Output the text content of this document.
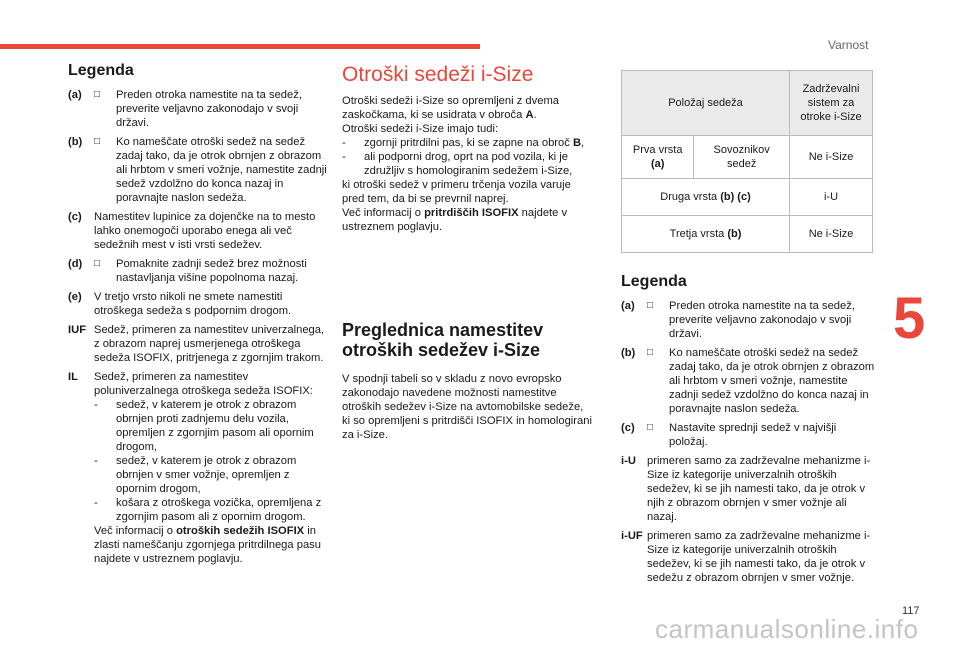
Varnost
5
117
carmanualsonline.info
Legenda
(a)	□	Preden otroka namestite na ta sedež, preverite veljavno zakonodajo v svoji državi.
(b)	□	Ko nameščate otroški sedež na sedež zadaj tako, da je otrok obrnjen z obrazom ali hrbtom v smeri vožnje, namestite zadnji sedež vzdolžno do konca nazaj in poravnajte naslon sedeža.
(c)	Namestitev lupinice za dojenčke na to mesto lahko onemogoči uporabo enega ali več sedežnih mest v isti vrsti sedežev.
(d)	□	Pomaknite zadnji sedež brez možnosti nastavljanja višine popolnoma nazaj.
(e)	V tretjo vrsto nikoli ne smete namestiti otroškega sedeža s podpornim drogom.
IUF Sedež, primeren za namestitev univerzalnega, z obrazom naprej usmerjenega otroškega sedeža ISOFIX, pritrjenega z zgornjim trakom.
IL	Sedež, primeren za namestitev poluniverzalnega otroškega sedeža ISOFIX:
-	sedež, v katerem je otrok z obrazom obrnjen proti zadnjemu delu vozila, opremljen z zgornjim pasom ali opornim drogom,
-	sedež, v katerem je otrok z obrazom obrnjen v smer vožnje, opremljen z opornim drogom,
-	košara z otroškega vozička, opremljena z zgornjim pasom ali z opornim drogom.
Več informacij o otroških sedežih ISOFIX in zlasti nameščanju zgornjega pritrdilnega pasu najdete v ustreznem poglavju.
Otroški sedeži i-Size

Otroški sedeži i-Size so opremljeni z dvema zaskočkama, ki se usidrata v obroča A.

Otroški sedeži i-Size imajo tudi:

-	zgornji pritrdilni pas, ki se zapne na obroč B,
-	ali podporni drog, oprt na pod vozila, ki je združljiv s homologiranim sedežem i-Size,

ki otroški sedež v primeru trčenja vozila varuje pred tem, da bi se prevrnil naprej.

Več informacij o pritrdiščih ISOFIX najdete v ustreznem poglavju.

Preglednica namestitev
otroških sedežev i-Size

V spodnji tabeli so v skladu z novo evropsko zakonodajo navedene možnosti namestitve otroških sedežev i-Size na avtomobilske sedeže, ki so opremljeni s pritrdišči ISOFIX in homologirani za i-Size.

Položaj sedeža		Zadrževalni sistem za otroke i-Size
Prva vrsta (a)	Sovoznikov sedež	Ne i-Size
Druga vrsta (b) (c)		i-U
Tretja vrsta (b)		Ne i-Size
Legenda
(a)	□	Preden otroka namestite na ta sedež, preverite veljavno zakonodajo v svoji državi.
(b)	□	Ko nameščate otroški sedež na sedež zadaj tako, da je otrok obrnjen z obrazom ali hrbtom v smeri vožnje, namestite zadnji sedež vzdolžno do konca nazaj in poravnajte naslon sedeža.
(c)	□	Nastavite sprednji sedež v najvišji položaj.
i-U primeren samo za zadrževalne mehanizme i-Size iz kategorije univerzalnih otroških sedežev, ki se jih namesti tako, da je otrok v njih z obrazom obrnjen v smer vožnje ali nazaj.
i-UF primeren samo za zadrževalne mehanizme i-Size iz kategorije univerzalnih otroških sedežev, ki se jih namesti tako, da je otrok v sedežu z obrazom obrnjen v smer vožnje.
